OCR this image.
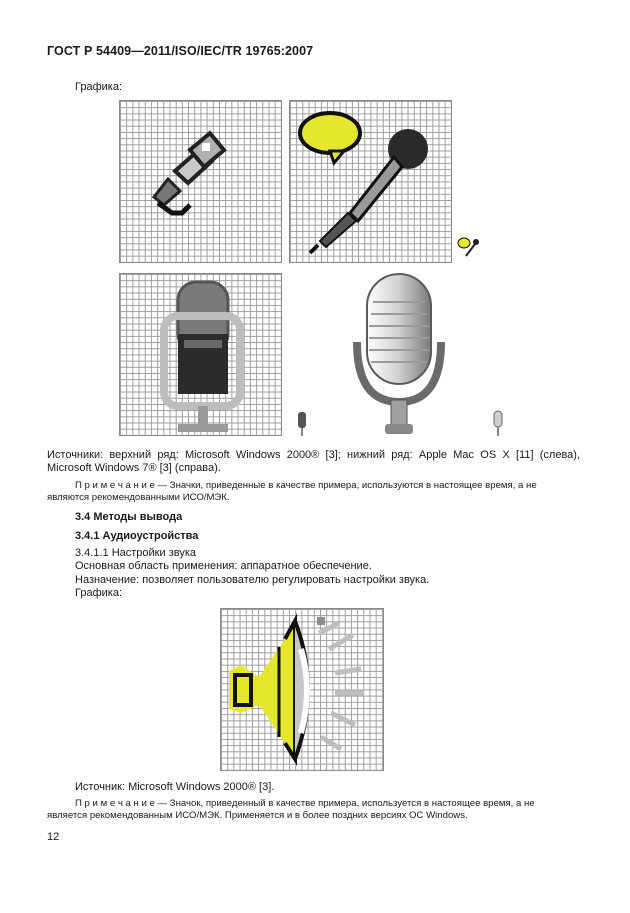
ГОСТ Р 54409—2011/ISO/IEC/TR 19765:2007
Графика:
Источники: верхний ряд: Microsoft Windows 2000® [3]; нижний ряд: Apple Mac OS X [11] (слева),
Microsoft Windows 7® [3] (справа).
П р и м е ч а н и е — Значки, приведенные в качестве примера, используются в настоящее время, а не
являются рекомендованными ИСО/МЭК.
3.4 Методы вывода
3.4.1 Аудиоустройства
3.4.1.1 Настройки звука
Основная область применения: аппаратное обеспечение.
Назначение: позволяет пользователю регулировать настройки звука.
Графика:
Источник: Microsoft Windows 2000® [3].
П р и м е ч а н и е — Значок, приведенный в качестве примера, используется в настоящее время, а не
является рекомендованным ИСО/МЭК. Применяется и в более поздних версиях ОС Windows.
12
